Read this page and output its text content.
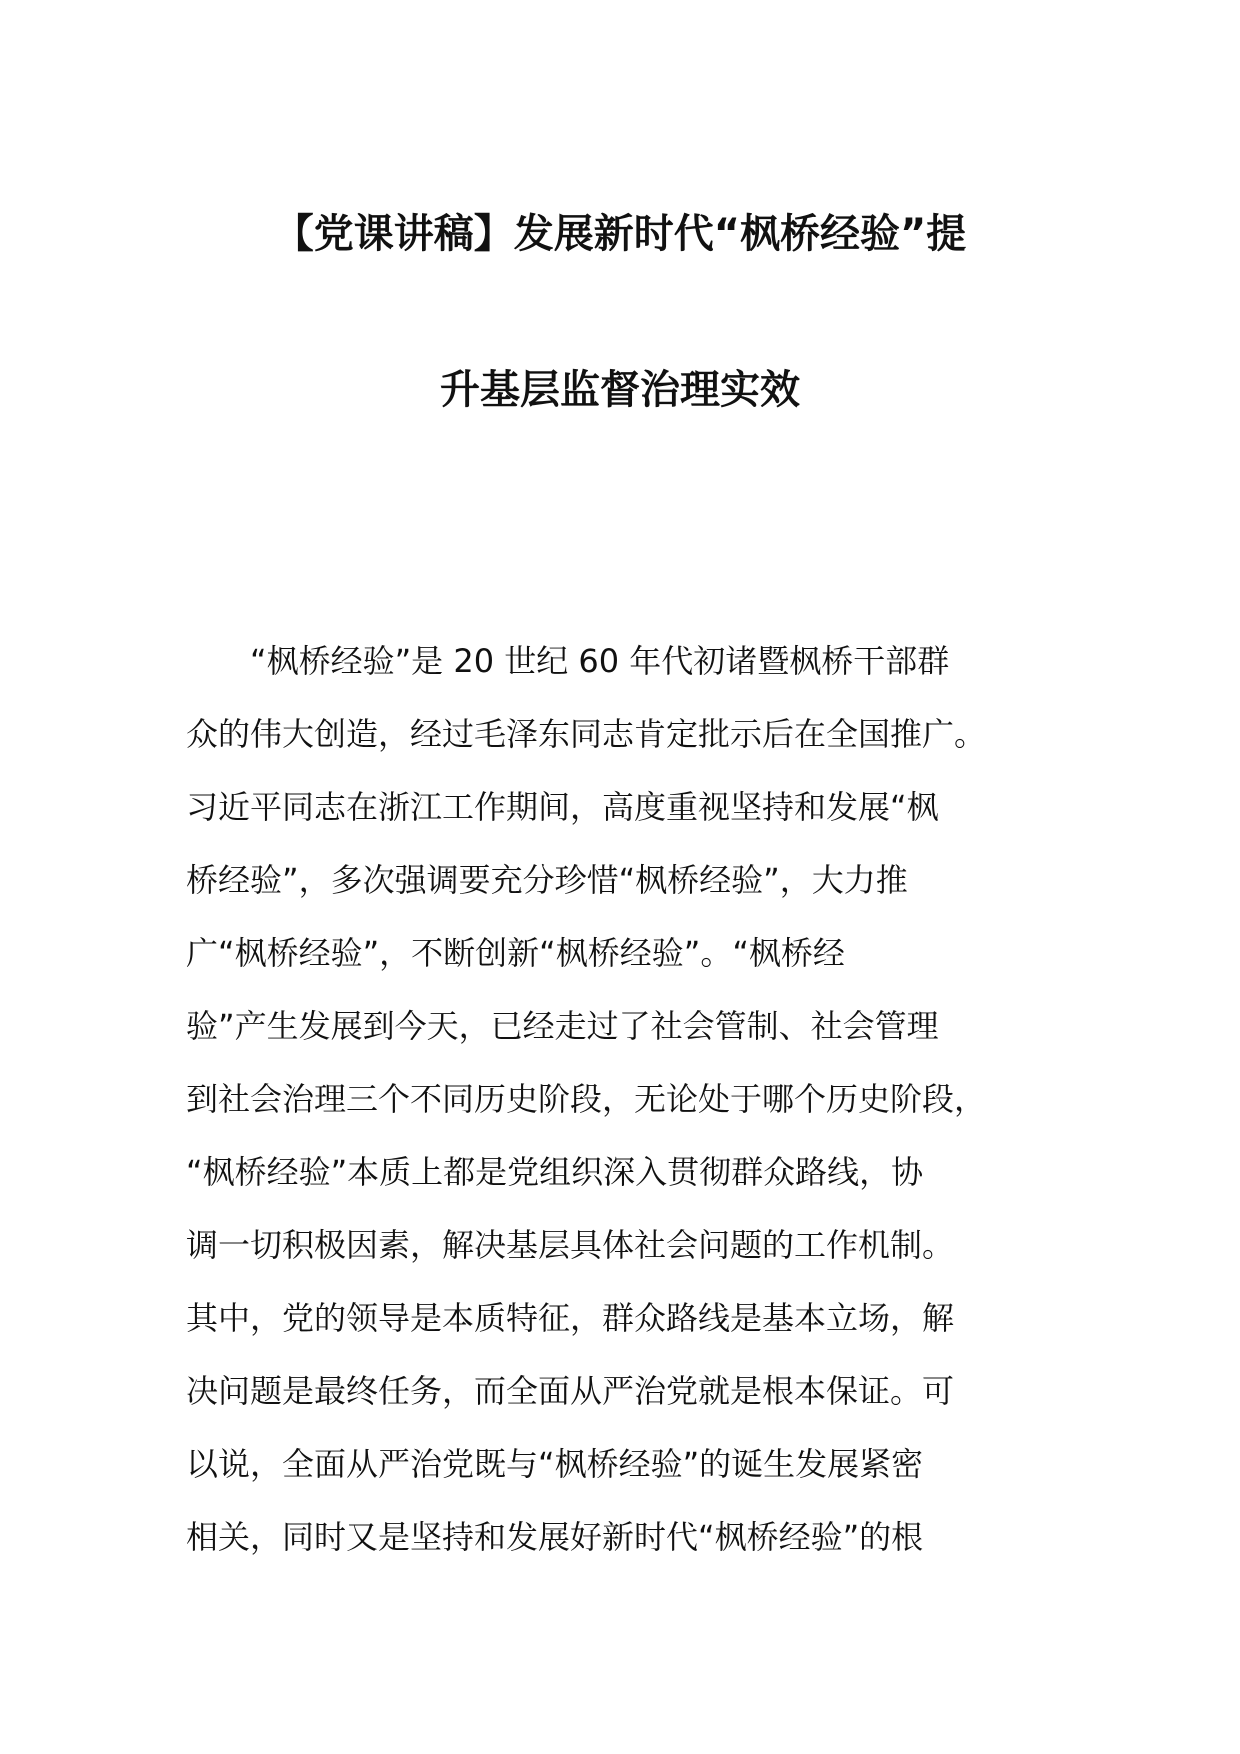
【党课讲稿】发展新时代“枫桥经验”提
升基层监督治理实效
　　“枫桥经验”是 20 世纪 60 年代初诸暨枫桥干部群
众的伟大创造，经过毛泽东同志肯定批示后在全国推广。
习近平同志在浙江工作期间，高度重视坚持和发展“枫
桥经验”，多次强调要充分珍惜“枫桥经验”，大力推
广“枫桥经验”，不断创新“枫桥经验”。“枫桥经
验”产生发展到今天，已经走过了社会管制、社会管理
到社会治理三个不同历史阶段，无论处于哪个历史阶段，
“枫桥经验”本质上都是党组织深入贯彻群众路线，协
调一切积极因素，解决基层具体社会问题的工作机制。
其中，党的领导是本质特征，群众路线是基本立场，解
决问题是最终任务，而全面从严治党就是根本保证。可
以说，全面从严治党既与“枫桥经验”的诞生发展紧密
相关，同时又是坚持和发展好新时代“枫桥经验”的根
